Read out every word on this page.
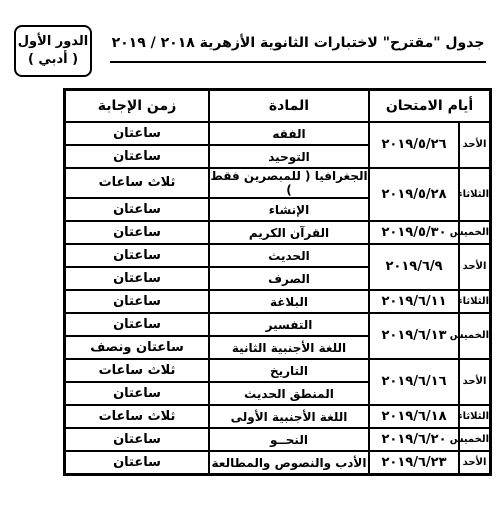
الدور الأول
( أدبي )
جدول "مقترح" لاختبارات الثانوية الأزهرية ٢٠١٨ / ٢٠١٩
أيام الامتحان		المادة	زمن الإجابة
الأحد	٢٠١٩/٥/٢٦	الفقه	ساعتان
		التوحيد	ساعتان
الثلاثاء	٢٠١٩/٥/٢٨	الجغرافيا ( للمبصرين فقط )	ثلاث ساعات
		الإنشاء	ساعتان
الخميس	٢٠١٩/٥/٣٠	القرآن الكريم	ساعتان
الأحد	٢٠١٩/٦/٩	الحديث	ساعتان
		الصرف	ساعتان
الثلاثاء	٢٠١٩/٦/١١	البلاغة	ساعتان
الخميس	٢٠١٩/٦/١٣	التفسير	ساعتان
		اللغة الأجنبية الثانية	ساعتان ونصف
الأحد	٢٠١٩/٦/١٦	التاريخ	ثلاث ساعات
		المنطق الحديث	ساعتان
الثلاثاء	٢٠١٩/٦/١٨	اللغة الأجنبية الأولى	ثلاث ساعات
الخميس	٢٠١٩/٦/٢٠	النحــو	ساعتان
الأحد	٢٠١٩/٦/٢٣	الأدب والنصوص والمطالعة	ساعتان
